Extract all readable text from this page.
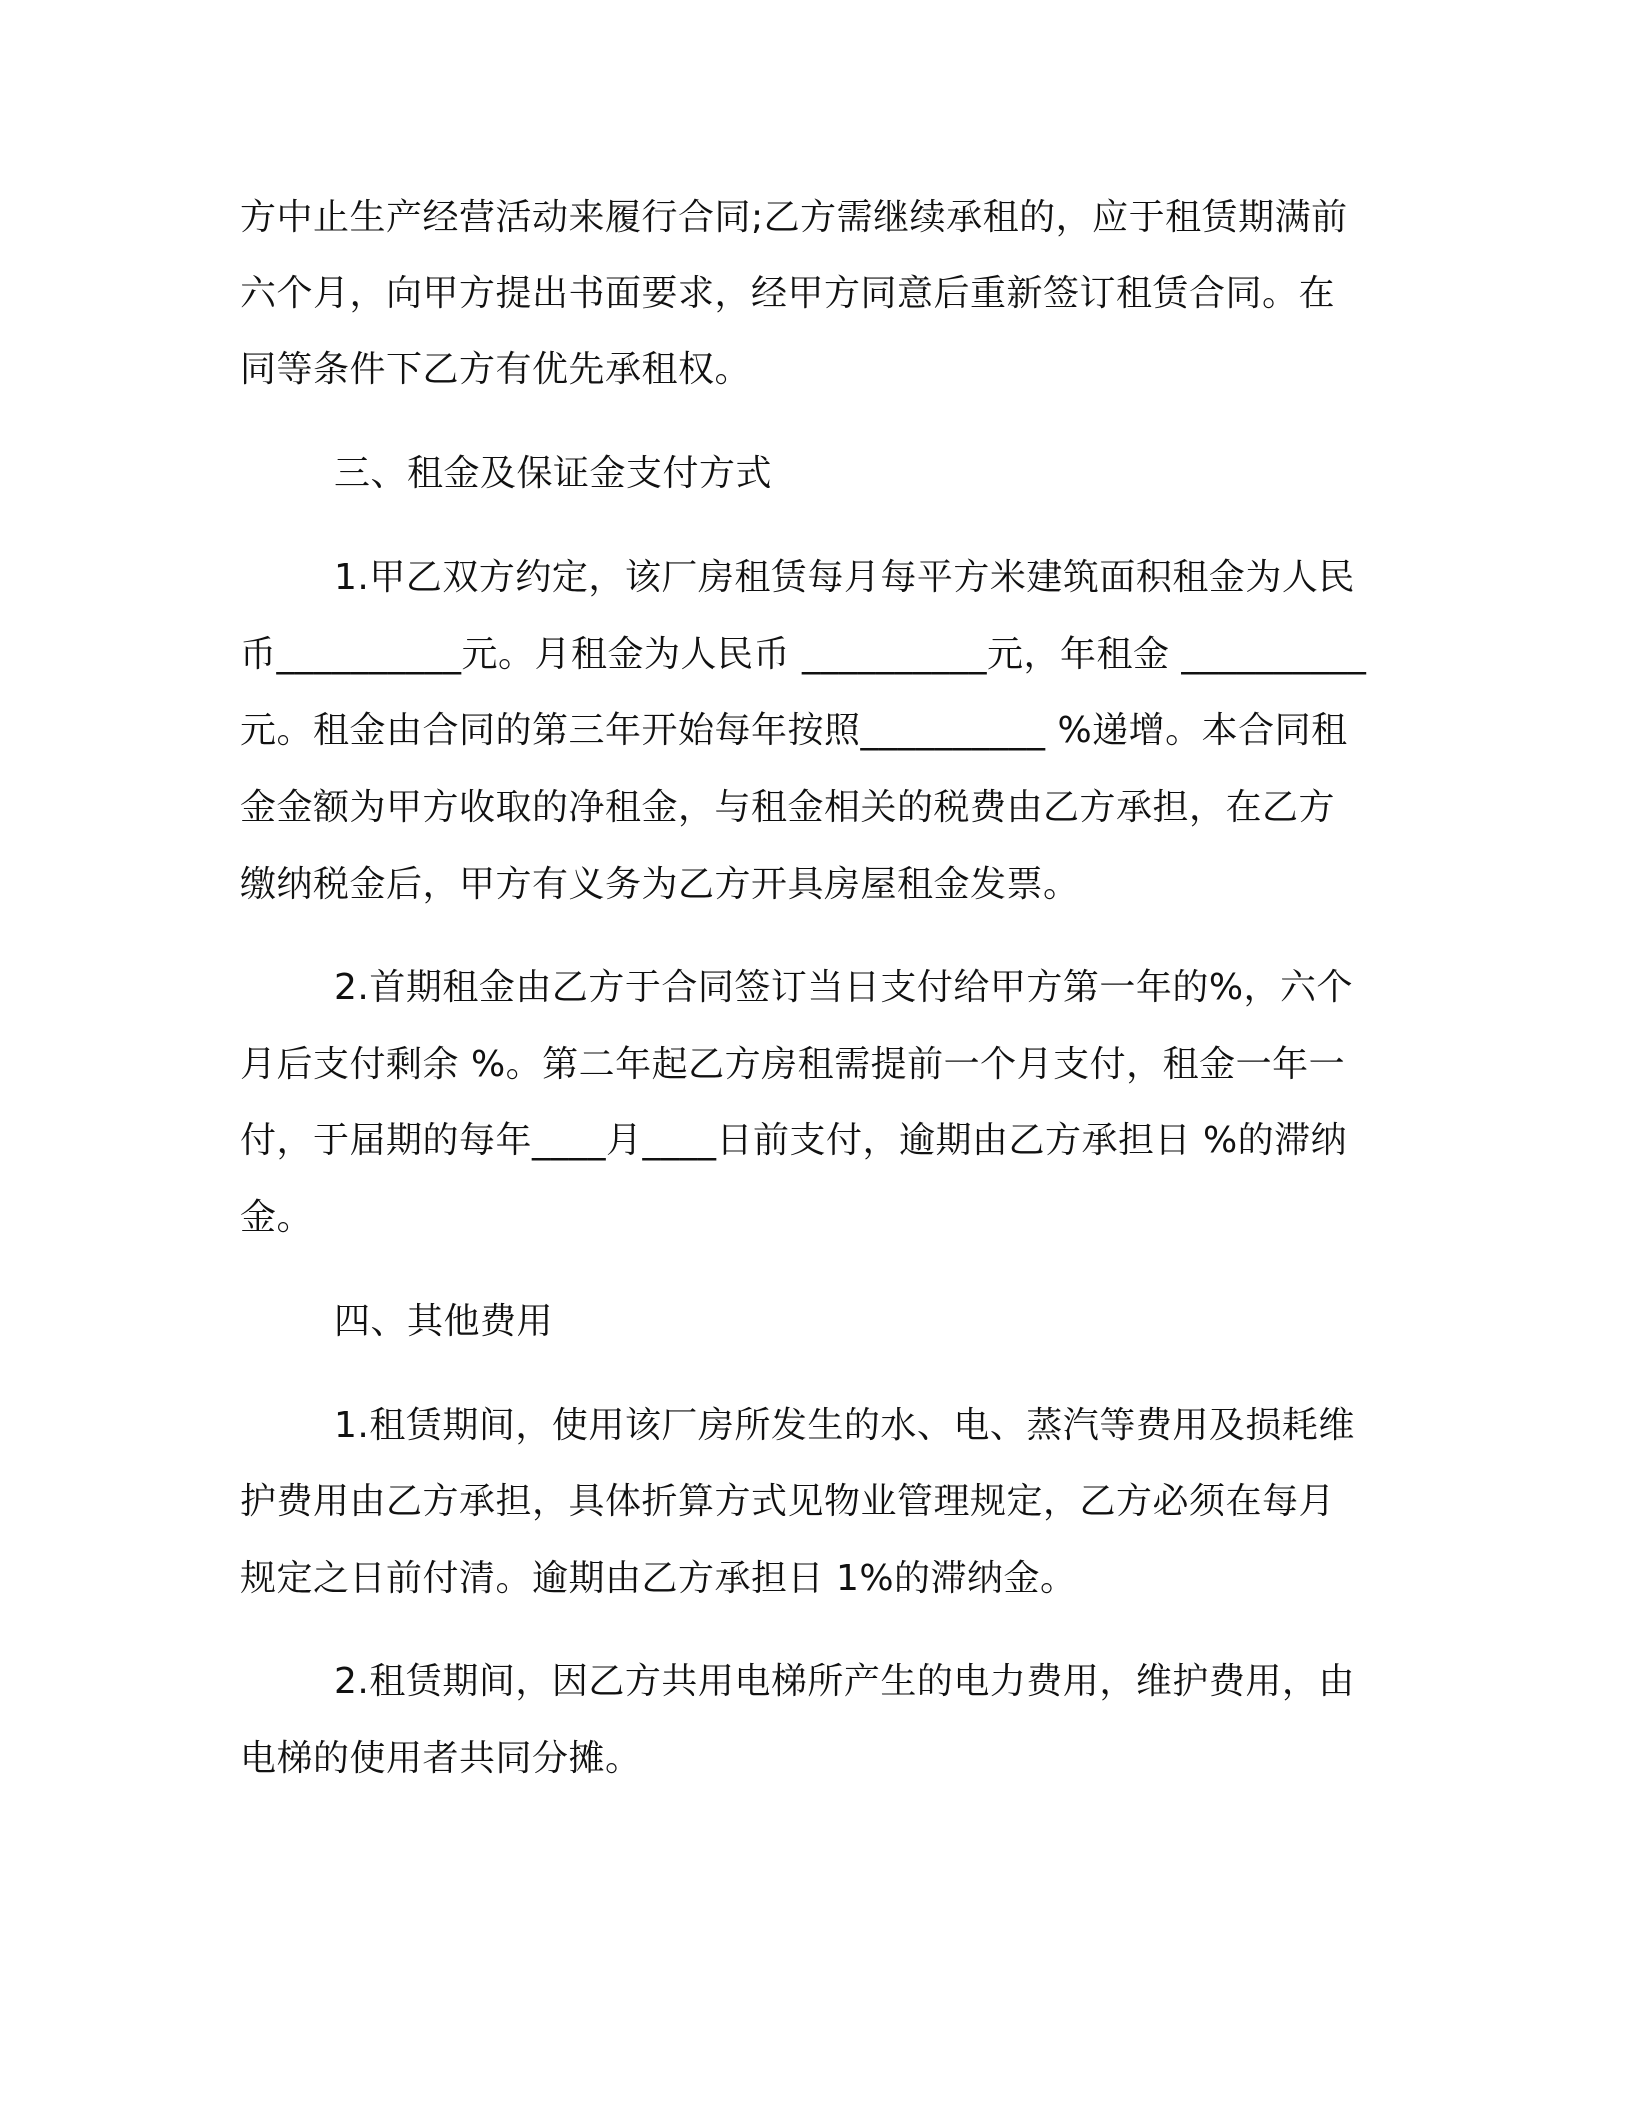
方中止生产经营活动来履行合同;乙方需继续承租的，应于租赁期满前
六个月，向甲方提出书面要求，经甲方同意后重新签订租赁合同。在
同等条件下乙方有优先承租权。
三、租金及保证金支付方式
1.甲乙双方约定，该厂房租赁每月每平方米建筑面积租金为人民
币__________元。月租金为人民币 __________元，年租金 __________
元。租金由合同的第三年开始每年按照__________ %递增。本合同租
金金额为甲方收取的净租金，与租金相关的税费由乙方承担，在乙方
缴纳税金后，甲方有义务为乙方开具房屋租金发票。
2.首期租金由乙方于合同签订当日支付给甲方第一年的%，六个
月后支付剩余 %。第二年起乙方房租需提前一个月支付，租金一年一
付，于届期的每年____月____日前支付，逾期由乙方承担日 %的滞纳
金。
四、其他费用
1.租赁期间，使用该厂房所发生的水、电、蒸汽等费用及损耗维
护费用由乙方承担，具体折算方式见物业管理规定，乙方必须在每月
规定之日前付清。逾期由乙方承担日 1%的滞纳金。
2.租赁期间，因乙方共用电梯所产生的电力费用，维护费用，由
电梯的使用者共同分摊。
